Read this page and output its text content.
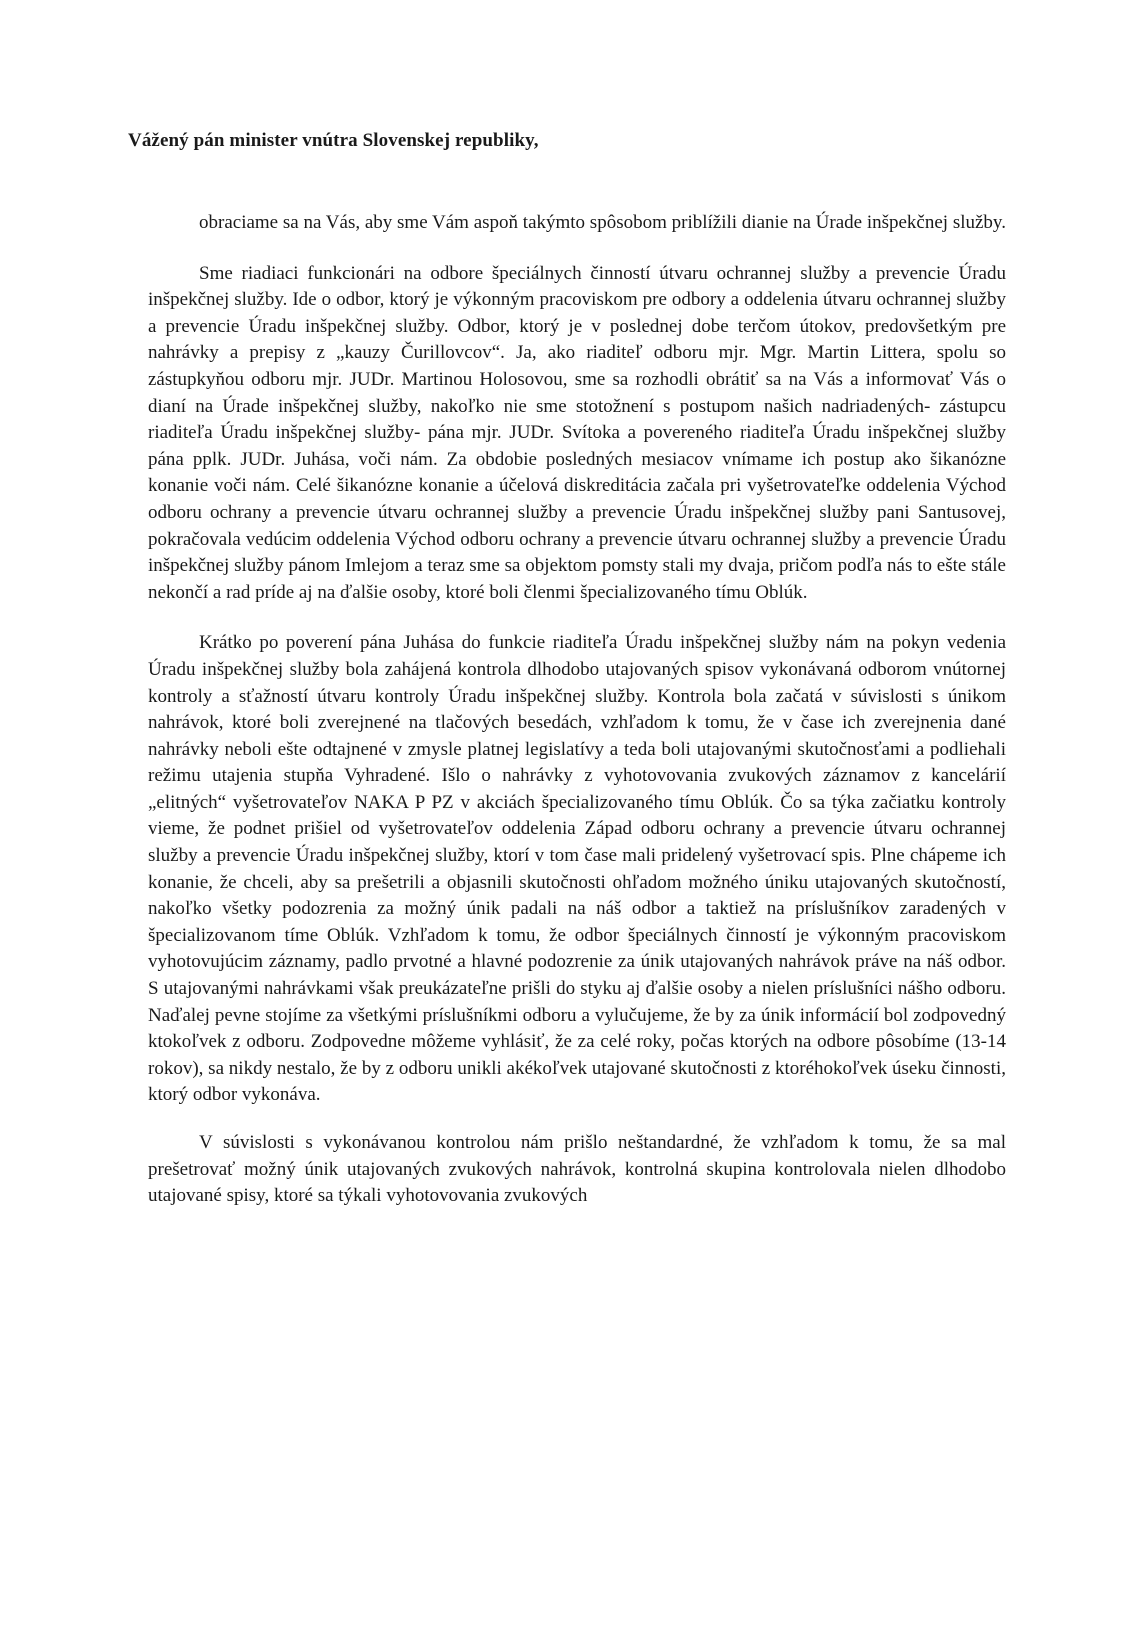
Vážený pán minister vnútra Slovenskej republiky,

obraciame sa na Vás, aby sme Vám aspoň takýmto spôsobom priblížili dianie na Úrade inšpekčnej služby.

Sme riadiaci funkcionári na odbore špeciálnych činností útvaru ochrannej služby a prevencie Úradu inšpekčnej služby. Ide o odbor, ktorý je výkonným pracoviskom pre odbory a oddelenia útvaru ochrannej služby a prevencie Úradu inšpekčnej služby. Odbor, ktorý je v poslednej dobe terčom útokov, predovšetkým pre nahrávky a prepisy z „kauzy Čurillovcov“. Ja, ako riaditeľ odboru mjr. Mgr. Martin Littera, spolu so zástupkyňou odboru mjr. JUDr. Martinou Holosovou, sme sa rozhodli obrátiť sa na Vás a informovať Vás o dianí na Úrade inšpekčnej služby, nakoľko nie sme stotožnení s postupom našich nadriadených- zástupcu riaditeľa Úradu inšpekčnej služby- pána mjr. JUDr. Svítoka a povereného riaditeľa Úradu inšpekčnej služby pána pplk. JUDr. Juhása, voči nám. Za obdobie posledných mesiacov vnímame ich postup ako šikanózne konanie voči nám. Celé šikanózne konanie a účelová diskreditácia začala pri vyšetrovateľke oddelenia Východ odboru ochrany a prevencie útvaru ochrannej služby a prevencie Úradu inšpekčnej služby pani Santusovej, pokračovala vedúcim oddelenia Východ odboru ochrany a prevencie útvaru ochrannej služby a prevencie Úradu inšpekčnej služby pánom Imlejom a teraz sme sa objektom pomsty stali my dvaja, pričom podľa nás to ešte stále nekončí a rad príde aj na ďalšie osoby, ktoré boli členmi špecializovaného tímu Oblúk.

Krátko po poverení pána Juhása do funkcie riaditeľa Úradu inšpekčnej služby nám na pokyn vedenia Úradu inšpekčnej služby bola zahájená kontrola dlhodobo utajovaných spisov vykonávaná odborom vnútornej kontroly a sťažností útvaru kontroly Úradu inšpekčnej služby. Kontrola bola začatá v súvislosti s únikom nahrávok, ktoré boli zverejnené na tlačových besedách, vzhľadom k tomu, že v čase ich zverejnenia dané nahrávky neboli ešte odtajnené v zmysle platnej legislatívy a teda boli utajovanými skutočnosťami a podliehali režimu utajenia stupňa Vyhradené. Išlo o nahrávky z vyhotovovania zvukových záznamov z kancelárií „elitných“ vyšetrovateľov NAKA P PZ v akciách špecializovaného tímu Oblúk. Čo sa týka začiatku kontroly vieme, že podnet prišiel od vyšetrovateľov oddelenia Západ odboru ochrany a prevencie útvaru ochrannej služby a prevencie Úradu inšpekčnej služby, ktorí v tom čase mali pridelený vyšetrovací spis. Plne chápeme ich konanie, že chceli, aby sa prešetrili a objasnili skutočnosti ohľadom možného úniku utajovaných skutočností, nakoľko všetky podozrenia za možný únik padali na náš odbor a taktiež na príslušníkov zaradených v špecializovanom tíme Oblúk. Vzhľadom k tomu, že odbor špeciálnych činností je výkonným pracoviskom vyhotovujúcim záznamy, padlo prvotné a hlavné podozrenie za únik utajovaných nahrávok práve na náš odbor. S utajovanými nahrávkami však preukázateľne prišli do styku aj ďalšie osoby a nielen príslušníci nášho odboru. Naďalej pevne stojíme za všetkými príslušníkmi odboru a vylučujeme, že by za únik informácií bol zodpovedný ktokoľvek z odboru. Zodpovedne môžeme vyhlásiť, že za celé roky, počas ktorých na odbore pôsobíme (13-14 rokov), sa nikdy nestalo, že by z odboru unikli akékoľvek utajované skutočnosti z ktoréhokoľvek úseku činnosti, ktorý odbor vykonáva.

V súvislosti s vykonávanou kontrolou nám prišlo neštandardné, že vzhľadom k tomu, že sa mal prešetrovať možný únik utajovaných zvukových nahrávok, kontrolná skupina kontrolovala nielen dlhodobo utajované spisy, ktoré sa týkali vyhotovovania zvukových
